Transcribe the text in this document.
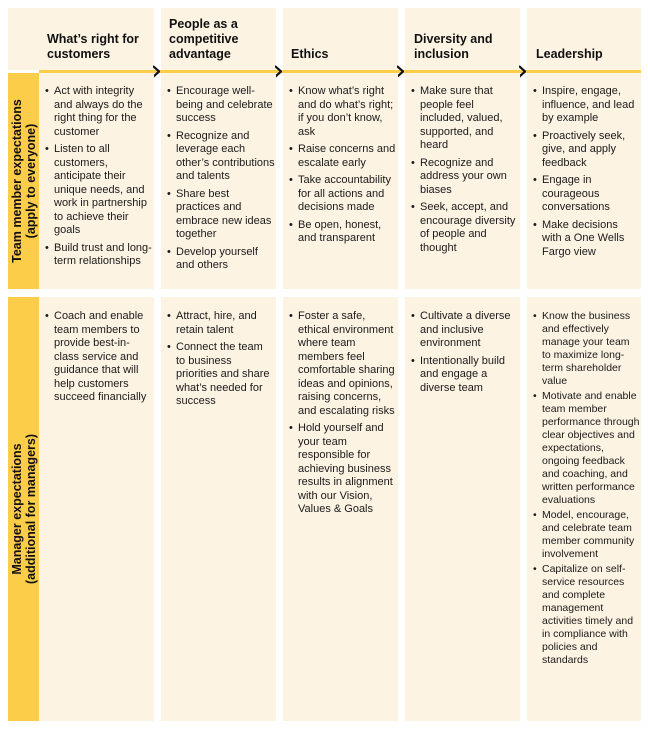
What’s right for customers
People as a competitive advantage	Ethics
Diversity and inclusion	Leadership
Team member expectations (apply to everyone)
• Act with integrity and always do the right thing for the customer
• Listen to all customers, anticipate their unique needs, and work in partnership to achieve their goals
• Build trust and long-term relationships
• Encourage well-being and celebrate success
• Recognize and leverage each other’s contributions and talents
• Share best practices and embrace new ideas together
• Develop yourself and others
• Know what’s right and do what’s right; if you don’t know, ask
• Raise concerns and escalate early
• Take accountability for all actions and decisions made
• Be open, honest, and transparent
• Make sure that people feel included, valued, supported, and heard
• Recognize and address your own biases
• Seek, accept, and encourage diversity of people and thought
• Inspire, engage, influence, and lead by example
• Proactively seek, give, and apply feedback
• Engage in courageous conversations
• Make decisions with a One Wells Fargo view
Manager expectations (additional for managers)
• Coach and enable team members to provide best-in-class service and guidance that will help customers succeed financially
• Attract, hire, and retain talent
• Connect the team to business priorities and share what’s needed for success
• Foster a safe, ethical environment where team members feel comfortable sharing ideas and opinions, raising concerns, and escalating risks
• Hold yourself and your team responsible for achieving business results in alignment with our Vision, Values & Goals
• Cultivate a diverse and inclusive environment
• Intentionally build and engage a diverse team
• Know the business and effectively manage your team to maximize long-term shareholder value
• Motivate and enable team member performance through clear objectives and expectations, ongoing feedback and coaching, and written performance evaluations
• Model, encourage, and celebrate team member community involvement
• Capitalize on self-service resources and complete management activities timely and in compliance with policies and standards
